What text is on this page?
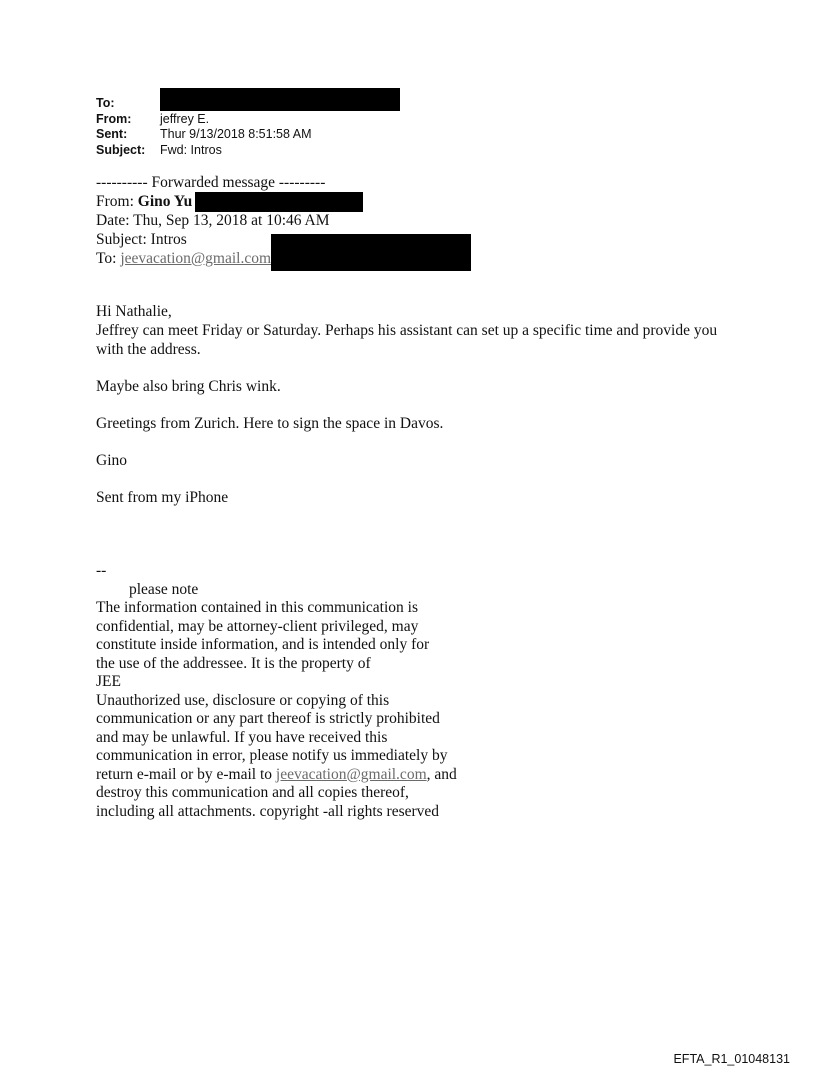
To:
From:	jeffrey E.
Sent:	Thur 9/13/2018 8:51:58 AM
Subject:	Fwd: Intros
---------- Forwarded message ---------
From: Gino Yu
Date: Thu, Sep 13, 2018 at 10:46 AM
Subject: Intros
To: jeevacation@gmail.com

Hi Nathalie,
Jeffrey can meet Friday or Saturday. Perhaps his assistant can set up a specific time and provide you with the address.

Maybe also bring Chris wink.

Greetings from Zurich. Here to sign the space in Davos.

Gino

Sent from my iPhone

--
please note
The information contained in this communication is
confidential, may be attorney-client privileged, may
constitute inside information, and is intended only for
the use of the addressee. It is the property of
JEE
Unauthorized use, disclosure or copying of this
communication or any part thereof is strictly prohibited
and may be unlawful. If you have received this
communication in error, please notify us immediately by
return e-mail or by e-mail to jeevacation@gmail.com, and
destroy this communication and all copies thereof,
including all attachments. copyright -all rights reserved
EFTA_R1_01048131
